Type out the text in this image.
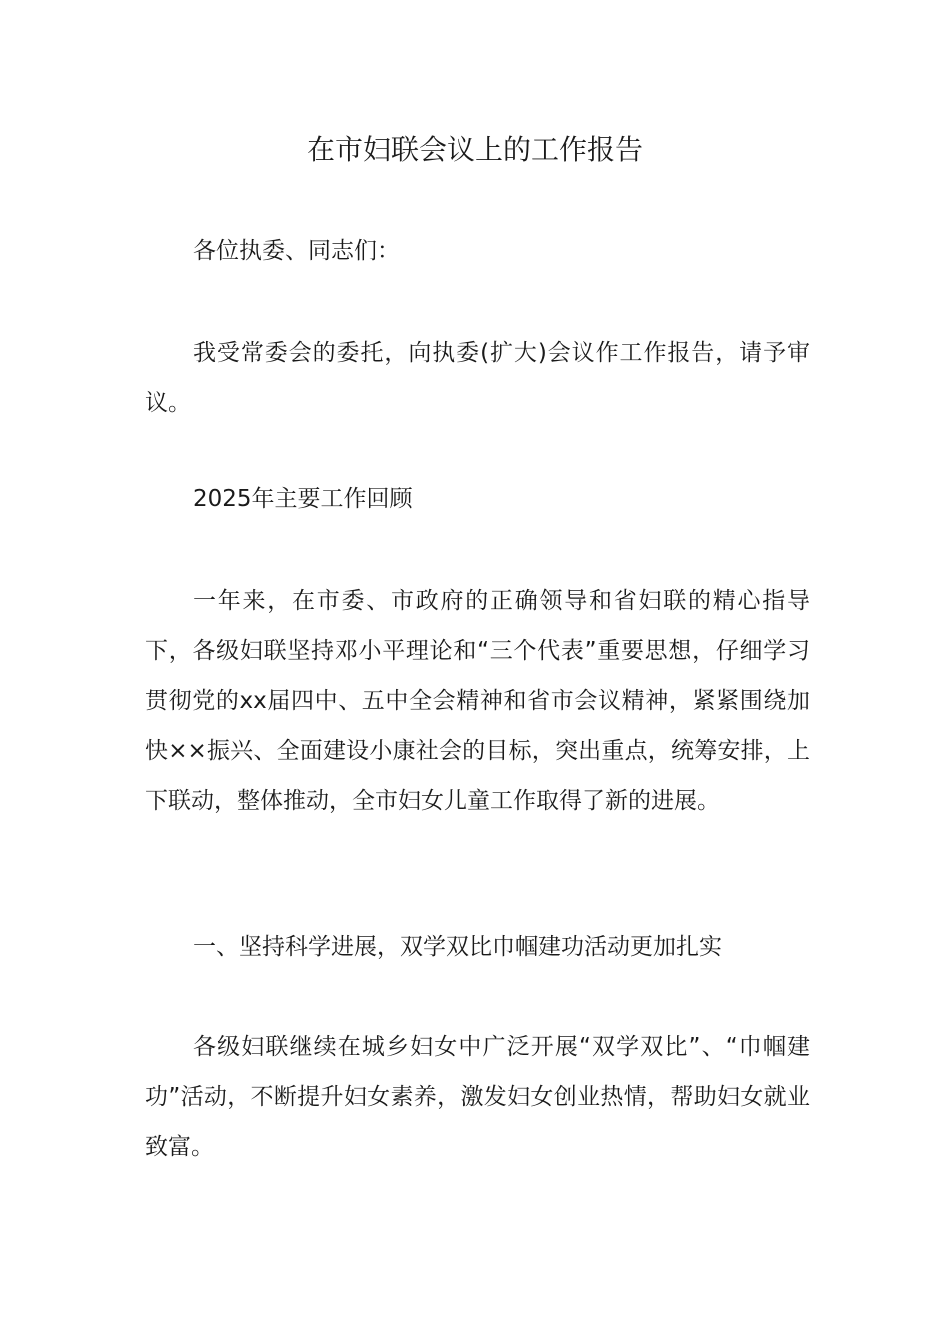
在市妇联会议上的工作报告

各位执委、同志们：

我受常委会的委托，向执委(扩大)会议作工作报告，请予审议。

2025年主要工作回顾

一年来，在市委、市政府的正确领导和省妇联的精心指导下，各级妇联坚持邓小平理论和“三个代表”重要思想，仔细学习贯彻党的xx届四中、五中全会精神和省市会议精神，紧紧围绕加快××振兴、全面建设小康社会的目标，突出重点，统筹安排，上下联动，整体推动，全市妇女儿童工作取得了新的进展。

一、坚持科学进展，双学双比巾帼建功活动更加扎实

各级妇联继续在城乡妇女中广泛开展“双学双比”、“巾帼建功”活动，不断提升妇女素养，激发妇女创业热情，帮助妇女就业致富。
